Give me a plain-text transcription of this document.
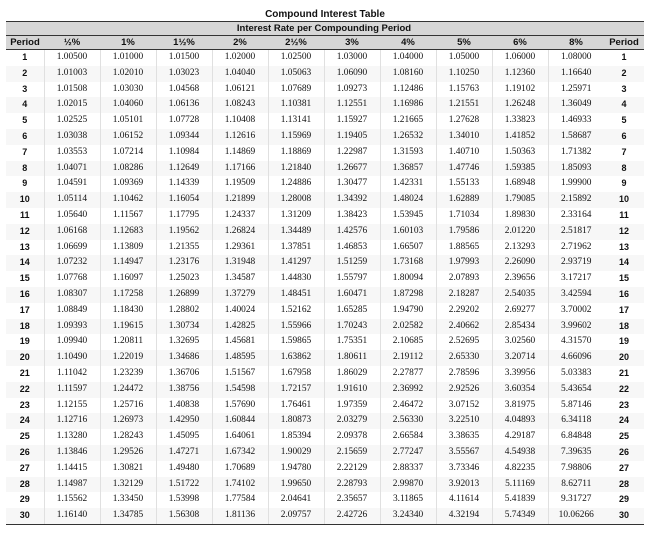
Compound Interest Table
	Interest Rate per Compounding Period										
Period	½%	1%	1½%	2%	2½%	3%	4%	5%	6%	8%	Period
1	1.00500	1.01000	1.01500	1.02000	1.02500	1.03000	1.04000	1.05000	1.06000	1.08000	1
2	1.01003	1.02010	1.03023	1.04040	1.05063	1.06090	1.08160	1.10250	1.12360	1.16640	2
3	1.01508	1.03030	1.04568	1.06121	1.07689	1.09273	1.12486	1.15763	1.19102	1.25971	3
4	1.02015	1.04060	1.06136	1.08243	1.10381	1.12551	1.16986	1.21551	1.26248	1.36049	4
5	1.02525	1.05101	1.07728	1.10408	1.13141	1.15927	1.21665	1.27628	1.33823	1.46933	5
6	1.03038	1.06152	1.09344	1.12616	1.15969	1.19405	1.26532	1.34010	1.41852	1.58687	6
7	1.03553	1.07214	1.10984	1.14869	1.18869	1.22987	1.31593	1.40710	1.50363	1.71382	7
8	1.04071	1.08286	1.12649	1.17166	1.21840	1.26677	1.36857	1.47746	1.59385	1.85093	8
9	1.04591	1.09369	1.14339	1.19509	1.24886	1.30477	1.42331	1.55133	1.68948	1.99900	9
10	1.05114	1.10462	1.16054	1.21899	1.28008	1.34392	1.48024	1.62889	1.79085	2.15892	10
11	1.05640	1.11567	1.17795	1.24337	1.31209	1.38423	1.53945	1.71034	1.89830	2.33164	11
12	1.06168	1.12683	1.19562	1.26824	1.34489	1.42576	1.60103	1.79586	2.01220	2.51817	12
13	1.06699	1.13809	1.21355	1.29361	1.37851	1.46853	1.66507	1.88565	2.13293	2.71962	13
14	1.07232	1.14947	1.23176	1.31948	1.41297	1.51259	1.73168	1.97993	2.26090	2.93719	14
15	1.07768	1.16097	1.25023	1.34587	1.44830	1.55797	1.80094	2.07893	2.39656	3.17217	15
16	1.08307	1.17258	1.26899	1.37279	1.48451	1.60471	1.87298	2.18287	2.54035	3.42594	16
17	1.08849	1.18430	1.28802	1.40024	1.52162	1.65285	1.94790	2.29202	2.69277	3.70002	17
18	1.09393	1.19615	1.30734	1.42825	1.55966	1.70243	2.02582	2.40662	2.85434	3.99602	18
19	1.09940	1.20811	1.32695	1.45681	1.59865	1.75351	2.10685	2.52695	3.02560	4.31570	19
20	1.10490	1.22019	1.34686	1.48595	1.63862	1.80611	2.19112	2.65330	3.20714	4.66096	20
21	1.11042	1.23239	1.36706	1.51567	1.67958	1.86029	2.27877	2.78596	3.39956	5.03383	21
22	1.11597	1.24472	1.38756	1.54598	1.72157	1.91610	2.36992	2.92526	3.60354	5.43654	22
23	1.12155	1.25716	1.40838	1.57690	1.76461	1.97359	2.46472	3.07152	3.81975	5.87146	23
24	1.12716	1.26973	1.42950	1.60844	1.80873	2.03279	2.56330	3.22510	4.04893	6.34118	24
25	1.13280	1.28243	1.45095	1.64061	1.85394	2.09378	2.66584	3.38635	4.29187	6.84848	25
26	1.13846	1.29526	1.47271	1.67342	1.90029	2.15659	2.77247	3.55567	4.54938	7.39635	26
27	1.14415	1.30821	1.49480	1.70689	1.94780	2.22129	2.88337	3.73346	4.82235	7.98806	27
28	1.14987	1.32129	1.51722	1.74102	1.99650	2.28793	2.99870	3.92013	5.11169	8.62711	28
29	1.15562	1.33450	1.53998	1.77584	2.04641	2.35657	3.11865	4.11614	5.41839	9.31727	29
30	1.16140	1.34785	1.56308	1.81136	2.09757	2.42726	3.24340	4.32194	5.74349	10.06266	30
